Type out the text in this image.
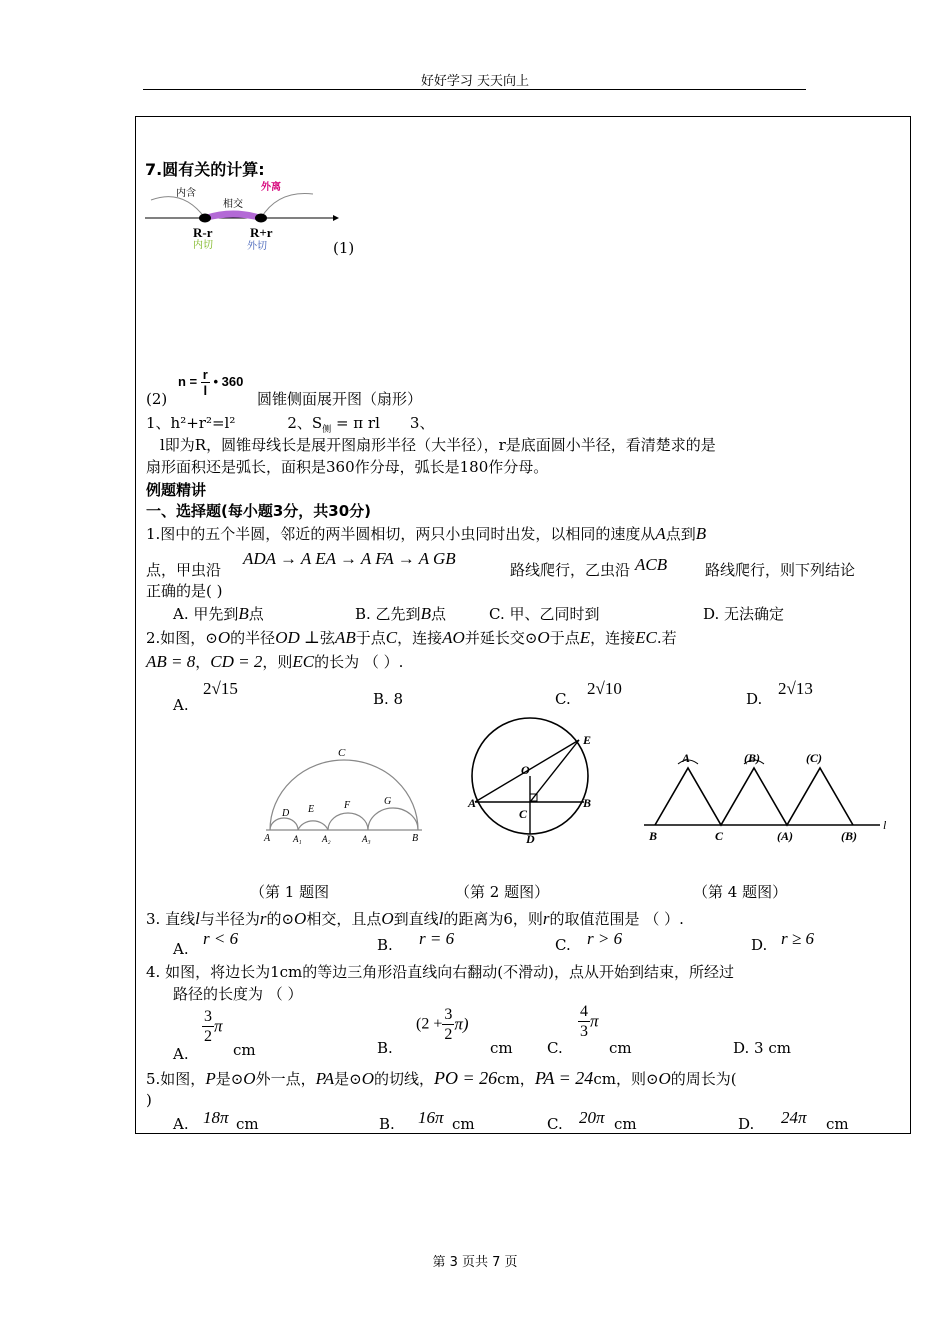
好好学习 天天向上
7.圆有关的计算:
内含
外离
相交
R-r	R+r
内切	外切	(1)
(2)
$n = \frac{r}{l}$ • 360
圆锥侧面展开图（扇形）
1、h²+r²=l²	2、$S_侧 = \pi$ rl 3、
l即为R，圆锥母线长是展开图扇形半径（大半径），r是底面圆小半径，看清楚求的是
扇形面积还是弧长，面积是360作分母，弧长是180作分母。
例题精讲
一、选择题(每小题3分，共30分)
1.图中的五个半圆，邻近的两半圆相切，两只小虫同时出发，以相同的速度从A点到B
点，甲虫沿
ADA → A EA → A FA → A GB
路线爬行，乙虫沿 ACB	路线爬行，则下列结论
正确的是( )
A. 甲先到B点	B. 乙先到B点	C. 甲、乙同时到	D. 无法确定
2.如图，⊙O的半径OD ⊥弦AB于点C，连接AO并延长交⊙O于点E，连接EC.若
AB = 8，CD = 2，则EC的长为 （ ）.
A.
2√15
B. 8	C.
2√10
D.
2√13
C
D E	F	G
A	A₁ A₂	A₃	B
E
O
A	B
C
D
A	(B)	(C)
B	C	(A)	(B)
l
（第 1 题图	（第 2 题图）	（第 4 题图）
3. 直线l与半径为r的⊙O相交，且点O到直线l的距离为6，则r的取值范围是 （ ）.
A.
r < 6	B. r = 6	C. r > 6	D. r ≥ 6
4. 如图，将边长为1cm的等边三角形沿直线向右翻动(不滑动)，点从开始到结束，所经过
路径的长度为 （ ）
A.
$\frac{3}{2}$ π
cm	B.
$(2 + \frac{3}{2} \pi)$
cm C.
$\frac{4}{3}$ π
cm	D. 3 cm
5.如图，P是⊙O外一点，PA是⊙O的切线，PO = 26cm，PA = 24cm，则⊙O的周长为(
)
A. 18π cm	B. 16π cm	C. 20π cm	D. 24π cm
第 3 页共 7 页
